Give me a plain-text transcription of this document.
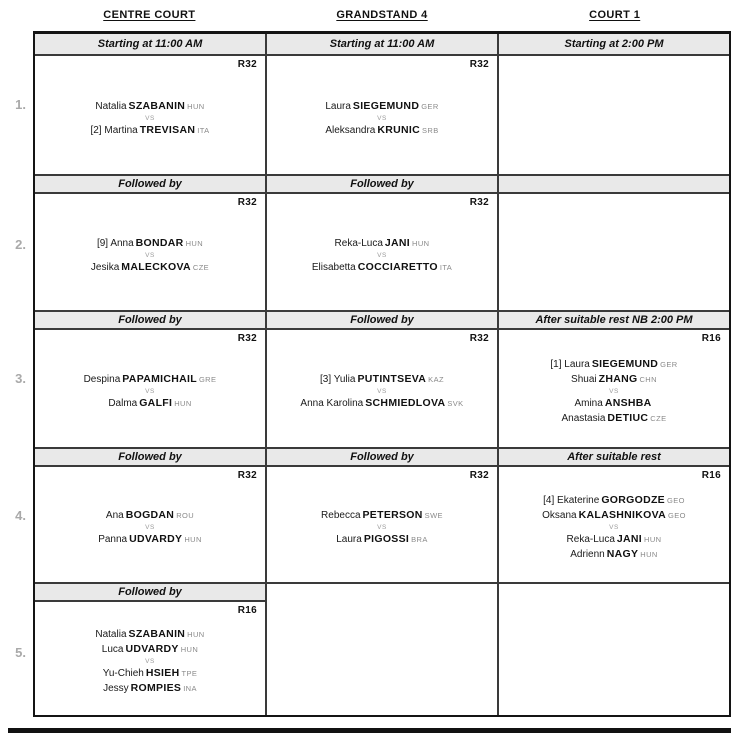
CENTRE COURT	GRANDSTAND 4	COURT 1
1.
2.
3.
4.
5.
Starting at 11:00 AM
R32
Natalia SZABANIN HUN
VS
[2] Martina TREVISAN ITA
Starting at 11:00 AM
R32
Laura SIEGEMUND GER
VS
Aleksandra KRUNIC SRB
Starting at 2:00 PM
Followed by
R32
[9] Anna BONDAR HUN
VS
Jesika MALECKOVA CZE
Followed by
R32
Reka-Luca JANI HUN
VS
Elisabetta COCCIARETTO ITA
Followed by
R32
Despina PAPAMICHAIL GRE
VS
Dalma GALFI HUN
Followed by
R32
[3] Yulia PUTINTSEVA KAZ
VS
Anna Karolina SCHMIEDLOVA SVK
After suitable rest NB 2:00 PM
R16
[1] Laura SIEGEMUND GER
Shuai ZHANG CHN
VS
Amina ANSHBA
Anastasia DETIUC CZE
Followed by
R32
Ana BOGDAN ROU
VS
Panna UDVARDY HUN
Followed by
R32
Rebecca PETERSON SWE
VS
Laura PIGOSSI BRA
After suitable rest
R16
[4] Ekaterine GORGODZE GEO
Oksana KALASHNIKOVA GEO
VS
Reka-Luca JANI HUN
Adrienn NAGY HUN
Followed by
R16
Natalia SZABANIN HUN
Luca UDVARDY HUN
VS
Yu-Chieh HSIEH TPE
Jessy ROMPIES INA
